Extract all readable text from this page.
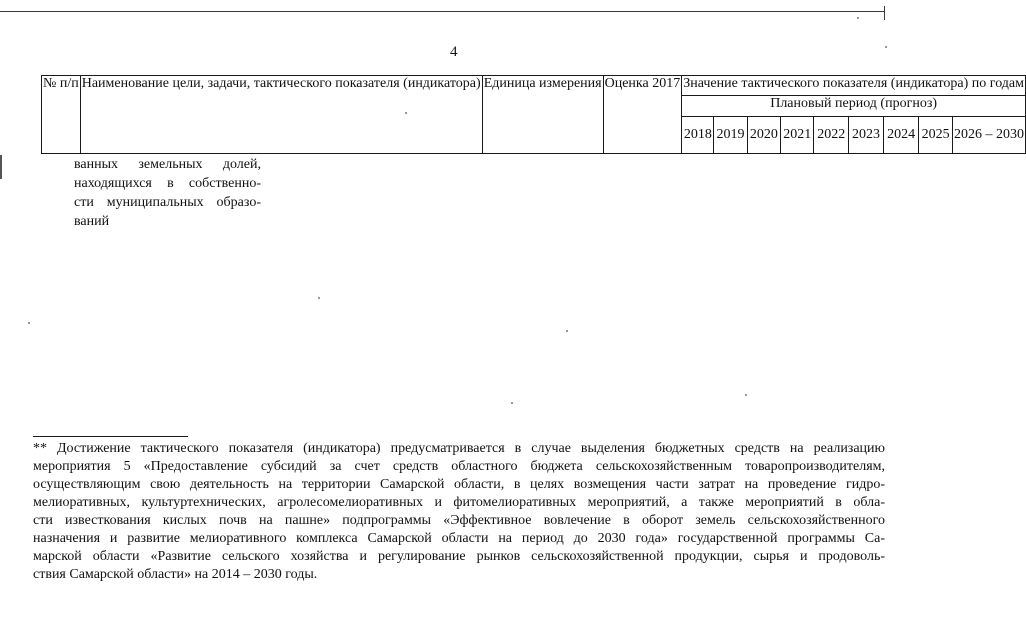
4
№ п/п	Наименование цели, задачи, тактического показателя (индикатора)	Единица измерения	Оценка 2017	Значение тактического показателя (индикатора) по годам								
				Плановый период (прогноз)								
				2018	2019	2020	2021	2022	2023	2024	2025	2026 – 2030
ванных земельных долей,
находящихся в собственно-
сти муниципальных образо-
ваний
** Достижение тактического показателя (индикатора) предусматривается в случае выделения бюджетных средств на реализацию
мероприятия 5 «Предоставление субсидий за счет средств областного бюджета сельскохозяйственным товаропроизводителям,
осуществляющим свою деятельность на территории Самарской области, в целях возмещения части затрат на проведение гидро-
мелиоративных, культуртехнических, агролесомелиоративных и фитомелиоративных мероприятий, а также мероприятий в обла-
сти известкования кислых почв на пашне» подпрограммы «Эффективное вовлечение в оборот земель сельскохозяйственного
назначения и развитие мелиоративного комплекса Самарской области на период до 2030 года» государственной программы Са-
марской области «Развитие сельского хозяйства и регулирование рынков сельскохозяйственной продукции, сырья и продоволь-
ствия Самарской области» на 2014 – 2030 годы.
